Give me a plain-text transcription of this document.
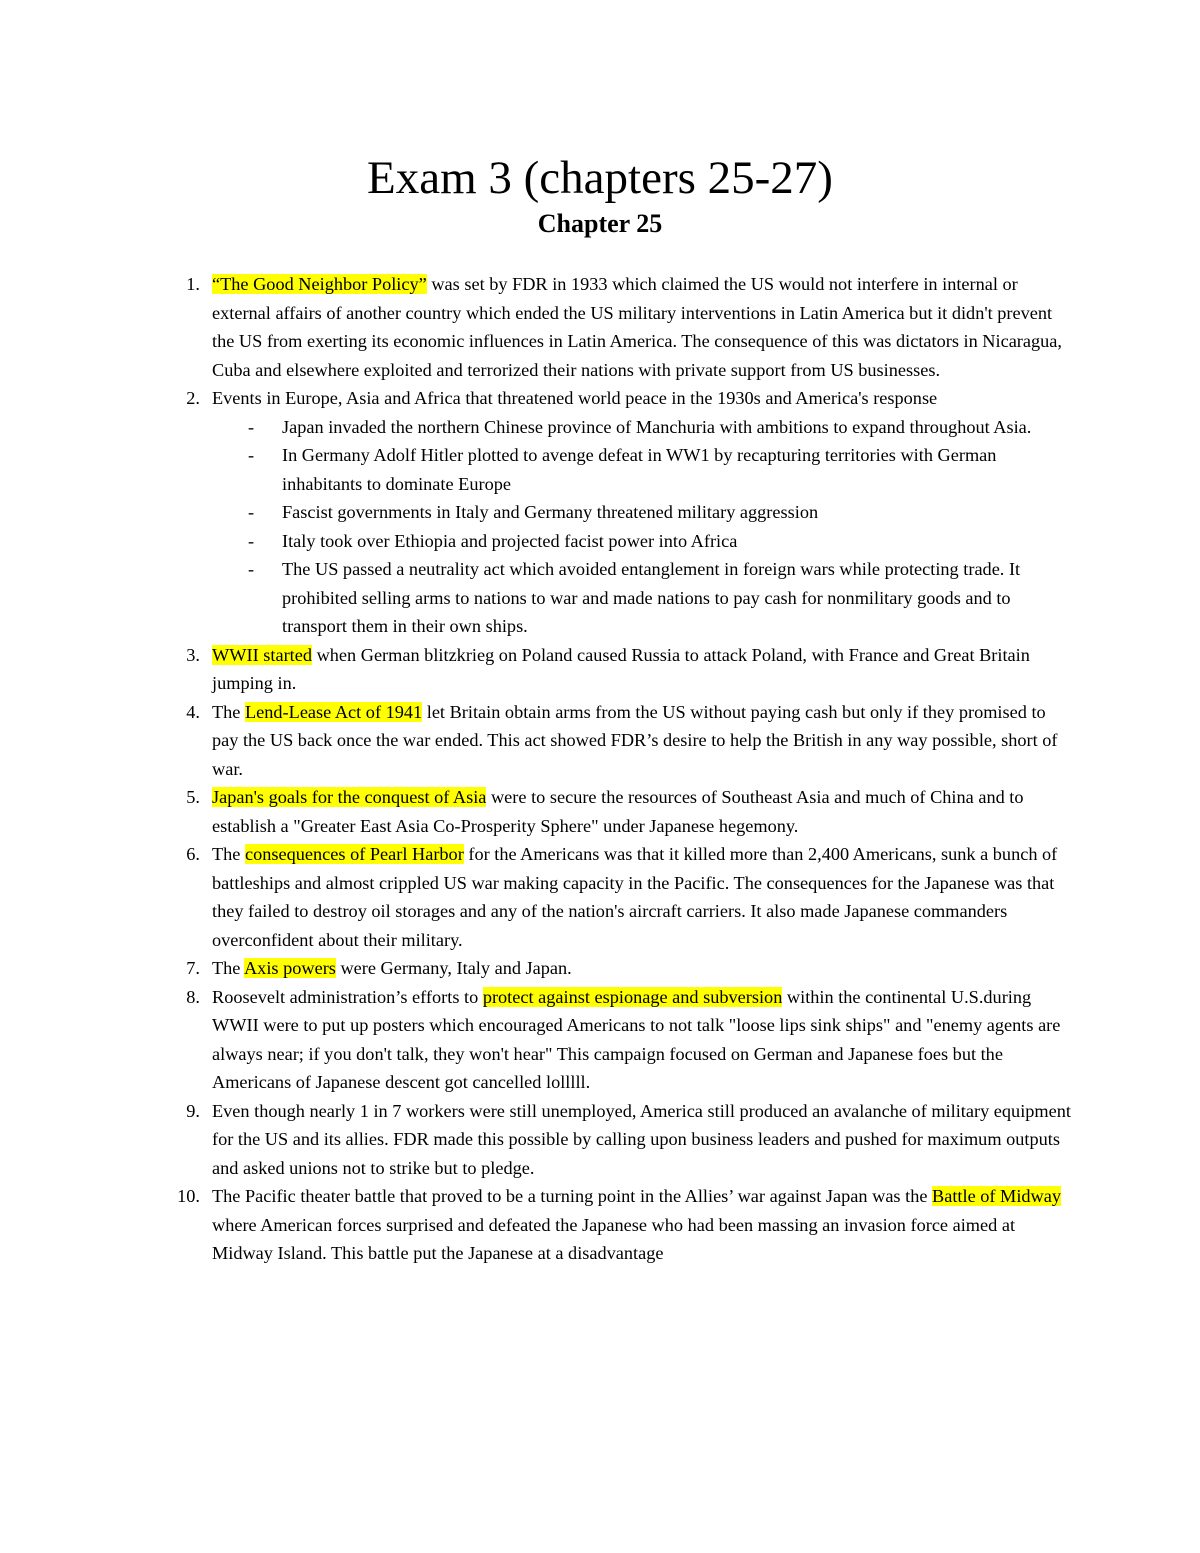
Exam 3 (chapters 25-27)
Chapter 25
1. “The Good Neighbor Policy” was set by FDR in 1933 which claimed the US would not interfere in internal or external affairs of another country which ended the US military interventions in Latin America but it didn't prevent the US from exerting its economic influences in Latin America. The consequence of this was dictators in Nicaragua, Cuba and elsewhere exploited and terrorized their nations with private support from US businesses.
2. Events in Europe, Asia and Africa that threatened world peace in the 1930s and America's response
- Japan invaded the northern Chinese province of Manchuria with ambitions to expand throughout Asia.
- In Germany Adolf Hitler plotted to avenge defeat in WW1 by recapturing territories with German inhabitants to dominate Europe
- Fascist governments in Italy and Germany threatened military aggression
- Italy took over Ethiopia and projected facist power into Africa
- The US passed a neutrality act which avoided entanglement in foreign wars while protecting trade. It prohibited selling arms to nations to war and made nations to pay cash for nonmilitary goods and to transport them in their own ships.
3. WWII started when German blitzkrieg on Poland caused Russia to attack Poland, with France and Great Britain jumping in.
4. The Lend-Lease Act of 1941 let Britain obtain arms from the US without paying cash but only if they promised to pay the US back once the war ended. This act showed FDR’s desire to help the British in any way possible, short of war.
5. Japan's goals for the conquest of Asia were to secure the resources of Southeast Asia and much of China and to establish a "Greater East Asia Co-Prosperity Sphere" under Japanese hegemony.
6. The consequences of Pearl Harbor for the Americans was that it killed more than 2,400 Americans, sunk a bunch of battleships and almost crippled US war making capacity in the Pacific. The consequences for the Japanese was that they failed to destroy oil storages and any of the nation's aircraft carriers. It also made Japanese commanders overconfident about their military.
7. The Axis powers were Germany, Italy and Japan.
8. Roosevelt administration’s efforts to protect against espionage and subversion within the continental U.S.during WWII were to put up posters which encouraged Americans to not talk "loose lips sink ships" and "enemy agents are always near; if you don't talk, they won't hear" This campaign focused on German and Japanese foes but the Americans of Japanese descent got cancelled lolllll.
9. Even though nearly 1 in 7 workers were still unemployed, America still produced an avalanche of military equipment for the US and its allies. FDR made this possible by calling upon business leaders and pushed for maximum outputs and asked unions not to strike but to pledge.
10. The Pacific theater battle that proved to be a turning point in the Allies’ war against Japan was the Battle of Midway where American forces surprised and defeated the Japanese who had been massing an invasion force aimed at Midway Island. This battle put the Japanese at a disadvantage
